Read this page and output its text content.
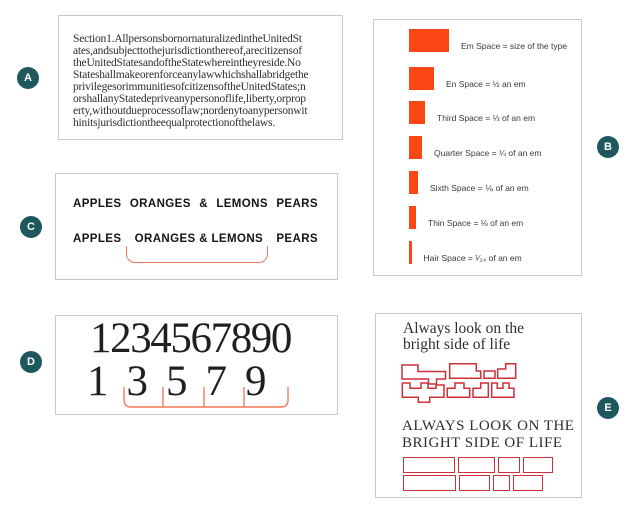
A
B
C
D
E
Section1.AllpersonsbornornaturalizedintheUnitedSt
ates,andsubjecttothejurisdictionthereof,arecitizensof
theUnitedStatesandoftheStatewhereintheyreside.No
Stateshallmakeorenforceanylawwhichshallabridgethe
privilegesorimmunitiesofcitizensoftheUnitedStates;n
orshallanyStatedepriveanypersonoflife,liberty,orprop
erty,withoutdueprocessoflaw;nordenytoanypersonwit
hinitsjurisdictiontheequalprotectionofthelaws.
Em Space = size of the type
En Space = ½ an em
Third Space = ⅓ of an em
Quarter Space = ¼ of an em
Sixth Space = ⅙ of an em
Thin Space = ⅛ of an em
Hair Space = ¹⁄₂₄ of an em
APPLES ORANGES & LEMONS PEARS
APPLES ORANGES & LEMONS PEARS
1234567890
1 3 5 7 9
Always look on the
bright side of life
ALWAYS LOOK ON THE
BRIGHT SIDE OF LIFE
